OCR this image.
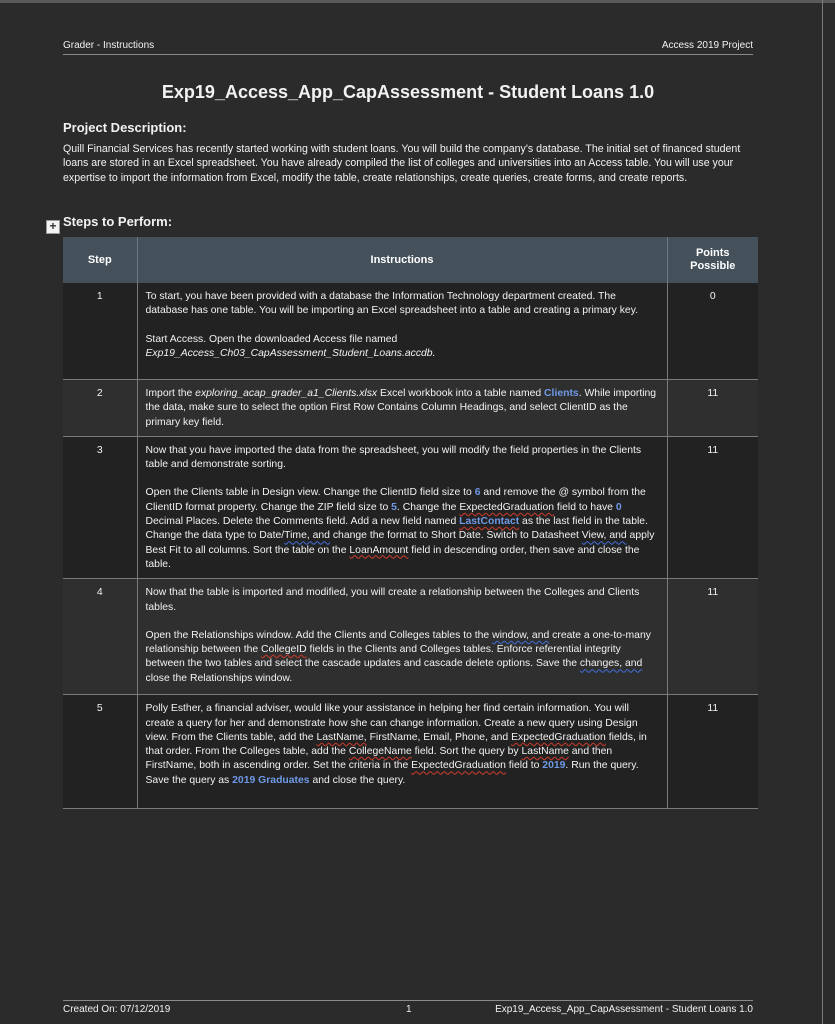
Grader - Instructions	Access 2019 Project
Exp19_Access_App_CapAssessment - Student Loans 1.0
Project Description:
Quill Financial Services has recently started working with student loans. You will build the company's database. The initial set of financed student loans are stored in an Excel spreadsheet. You have already compiled the list of colleges and universities into an Access table. You will use your expertise to import the information from Excel, modify the table, create relationships, create queries, create forms, and create reports.
+ Steps to Perform:
Step	Instructions	Points Possible
1	To start, you have been provided with a database the Information Technology department created. The database has one table. You will be importing an Excel spreadsheet into a table and creating a primary key.
Start Access. Open the downloaded Access file named
Exp19_Access_Ch03_CapAssessment_Student_Loans.accdb.	0
2	Import the exploring_acap_grader_a1_Clients.xlsx Excel workbook into a table named Clients. While importing the data, make sure to select the option First Row Contains Column Headings, and select ClientID as the primary key field.	11
3	Now that you have imported the data from the spreadsheet, you will modify the field properties in the Clients table and demonstrate sorting.
Open the Clients table in Design view. Change the ClientID field size to 6 and remove the @ symbol from the ClientID format property. Change the ZIP field size to 5. Change the ExpectedGraduation field to have 0 Decimal Places. Delete the Comments field. Add a new field named LastContact as the last field in the table. Change the data type to Date/Time, and change the format to Short Date. Switch to Datasheet View, and apply Best Fit to all columns. Sort the table on the LoanAmount field in descending order, then save and close the table.	11
4	Now that the table is imported and modified, you will create a relationship between the Colleges and Clients tables.
Open the Relationships window. Add the Clients and Colleges tables to the window, and create a one-to-many relationship between the CollegeID fields in the Clients and Colleges tables. Enforce referential integrity between the two tables and select the cascade updates and cascade delete options. Save the changes, and close the Relationships window.	11
5	Polly Esther, a financial adviser, would like your assistance in helping her find certain information. You will create a query for her and demonstrate how she can change information. Create a new query using Design view. From the Clients table, add the LastName, FirstName, Email, Phone, and ExpectedGraduation fields, in that order. From the Colleges table, add the CollegeName field. Sort the query by LastName and then FirstName, both in ascending order. Set the criteria in the ExpectedGraduation field to 2019. Run the query. Save the query as 2019 Graduates and close the query.	11
Created On: 07/12/2019	1	Exp19_Access_App_CapAssessment - Student Loans 1.0
